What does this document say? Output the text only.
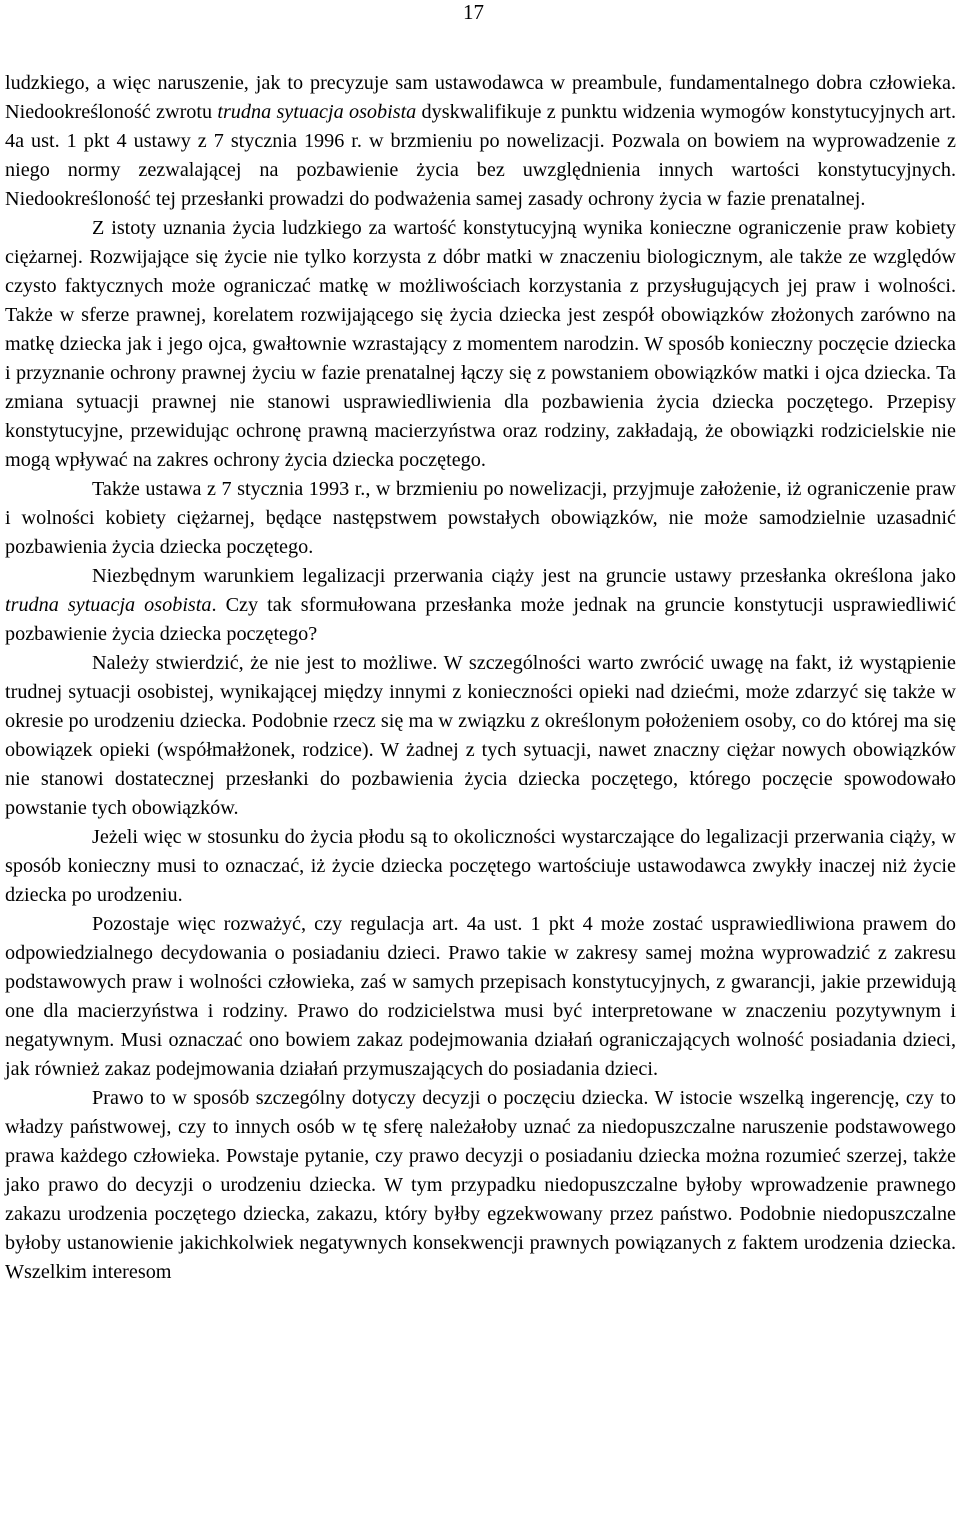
17

ludzkiego, a więc naruszenie, jak to precyzuje sam ustawodawca w preambule, fundamentalnego dobra człowieka. Niedookreśloność zwrotu trudna sytuacja osobista dyskwalifikuje z punktu widzenia wymogów konstytucyjnych art. 4a ust. 1 pkt 4 ustawy z 7 stycznia 1996 r. w brzmieniu po nowelizacji. Pozwala on bowiem na wyprowadzenie z niego normy zezwalającej na pozbawienie życia bez uwzględnienia innych wartości konstytucyjnych. Niedookreśloność tej przesłanki prowadzi do podważenia samej zasady ochrony życia w fazie prenatalnej.

Z istoty uznania życia ludzkiego za wartość konstytucyjną wynika konieczne ograniczenie praw kobiety ciężarnej. Rozwijające się życie nie tylko korzysta z dóbr matki w znaczeniu biologicznym, ale także ze względów czysto faktycznych może ograniczać matkę w możliwościach korzystania z przysługujących jej praw i wolności. Także w sferze prawnej, korelatem rozwijającego się życia dziecka jest zespół obowiązków złożonych zarówno na matkę dziecka jak i jego ojca, gwałtownie wzrastający z momentem narodzin. W sposób konieczny poczęcie dziecka i przyznanie ochrony prawnej życiu w fazie prenatalnej łączy się z powstaniem obowiązków matki i ojca dziecka. Ta zmiana sytuacji prawnej nie stanowi usprawiedliwienia dla pozbawienia życia dziecka poczętego. Przepisy konstytucyjne, przewidując ochronę prawną macierzyństwa oraz rodziny, zakładają, że obowiązki rodzicielskie nie mogą wpływać na zakres ochrony życia dziecka poczętego.

Także ustawa z 7 stycznia 1993 r., w brzmieniu po nowelizacji, przyjmuje założenie, iż ograniczenie praw i wolności kobiety ciężarnej, będące następstwem powstałych obowiązków, nie może samodzielnie uzasadnić pozbawienia życia dziecka poczętego.

Niezbędnym warunkiem legalizacji przerwania ciąży jest na gruncie ustawy przesłanka określona jako trudna sytuacja osobista. Czy tak sformułowana przesłanka może jednak na gruncie konstytucji usprawiedliwić pozbawienie życia dziecka poczętego?

Należy stwierdzić, że nie jest to możliwe. W szczególności warto zwrócić uwagę na fakt, iż wystąpienie trudnej sytuacji osobistej, wynikającej między innymi z konieczności opieki nad dziećmi, może zdarzyć się także w okresie po urodzeniu dziecka. Podobnie rzecz się ma w związku z określonym położeniem osoby, co do której ma się obowiązek opieki (współmałżonek, rodzice). W żadnej z tych sytuacji, nawet znaczny ciężar nowych obowiązków nie stanowi dostatecznej przesłanki do pozbawienia życia dziecka poczętego, którego poczęcie spowodowało powstanie tych obowiązków.

Jeżeli więc w stosunku do życia płodu są to okoliczności wystarczające do legalizacji przerwania ciąży, w sposób konieczny musi to oznaczać, iż życie dziecka poczętego wartościuje ustawodawca zwykły inaczej niż życie dziecka po urodzeniu.

Pozostaje więc rozważyć, czy regulacja art. 4a ust. 1 pkt 4 może zostać usprawiedliwiona prawem do odpowiedzialnego decydowania o posiadaniu dzieci. Prawo takie w zakresy samej można wyprowadzić z zakresu podstawowych praw i wolności człowieka, zaś w samych przepisach konstytucyjnych, z gwarancji, jakie przewidują one dla macierzyństwa i rodziny. Prawo do rodzicielstwa musi być interpretowane w znaczeniu pozytywnym i negatywnym. Musi oznaczać ono bowiem zakaz podejmowania działań ograniczających wolność posiadania dzieci, jak również zakaz podejmowania działań przymuszających do posiadania dzieci.

Prawo to w sposób szczególny dotyczy decyzji o poczęciu dziecka. W istocie wszelką ingerencję, czy to władzy państwowej, czy to innych osób w tę sferę należałoby uznać za niedopuszczalne naruszenie podstawowego prawa każdego człowieka. Powstaje pytanie, czy prawo decyzji o posiadaniu dziecka można rozumieć szerzej, także jako prawo do decyzji o urodzeniu dziecka. W tym przypadku niedopuszczalne byłoby wprowadzenie prawnego zakazu urodzenia poczętego dziecka, zakazu, który byłby egzekwowany przez państwo. Podobnie niedopuszczalne byłoby ustanowienie jakichkolwiek negatywnych konsekwencji prawnych powiązanych z faktem urodzenia dziecka. Wszelkim interesom
